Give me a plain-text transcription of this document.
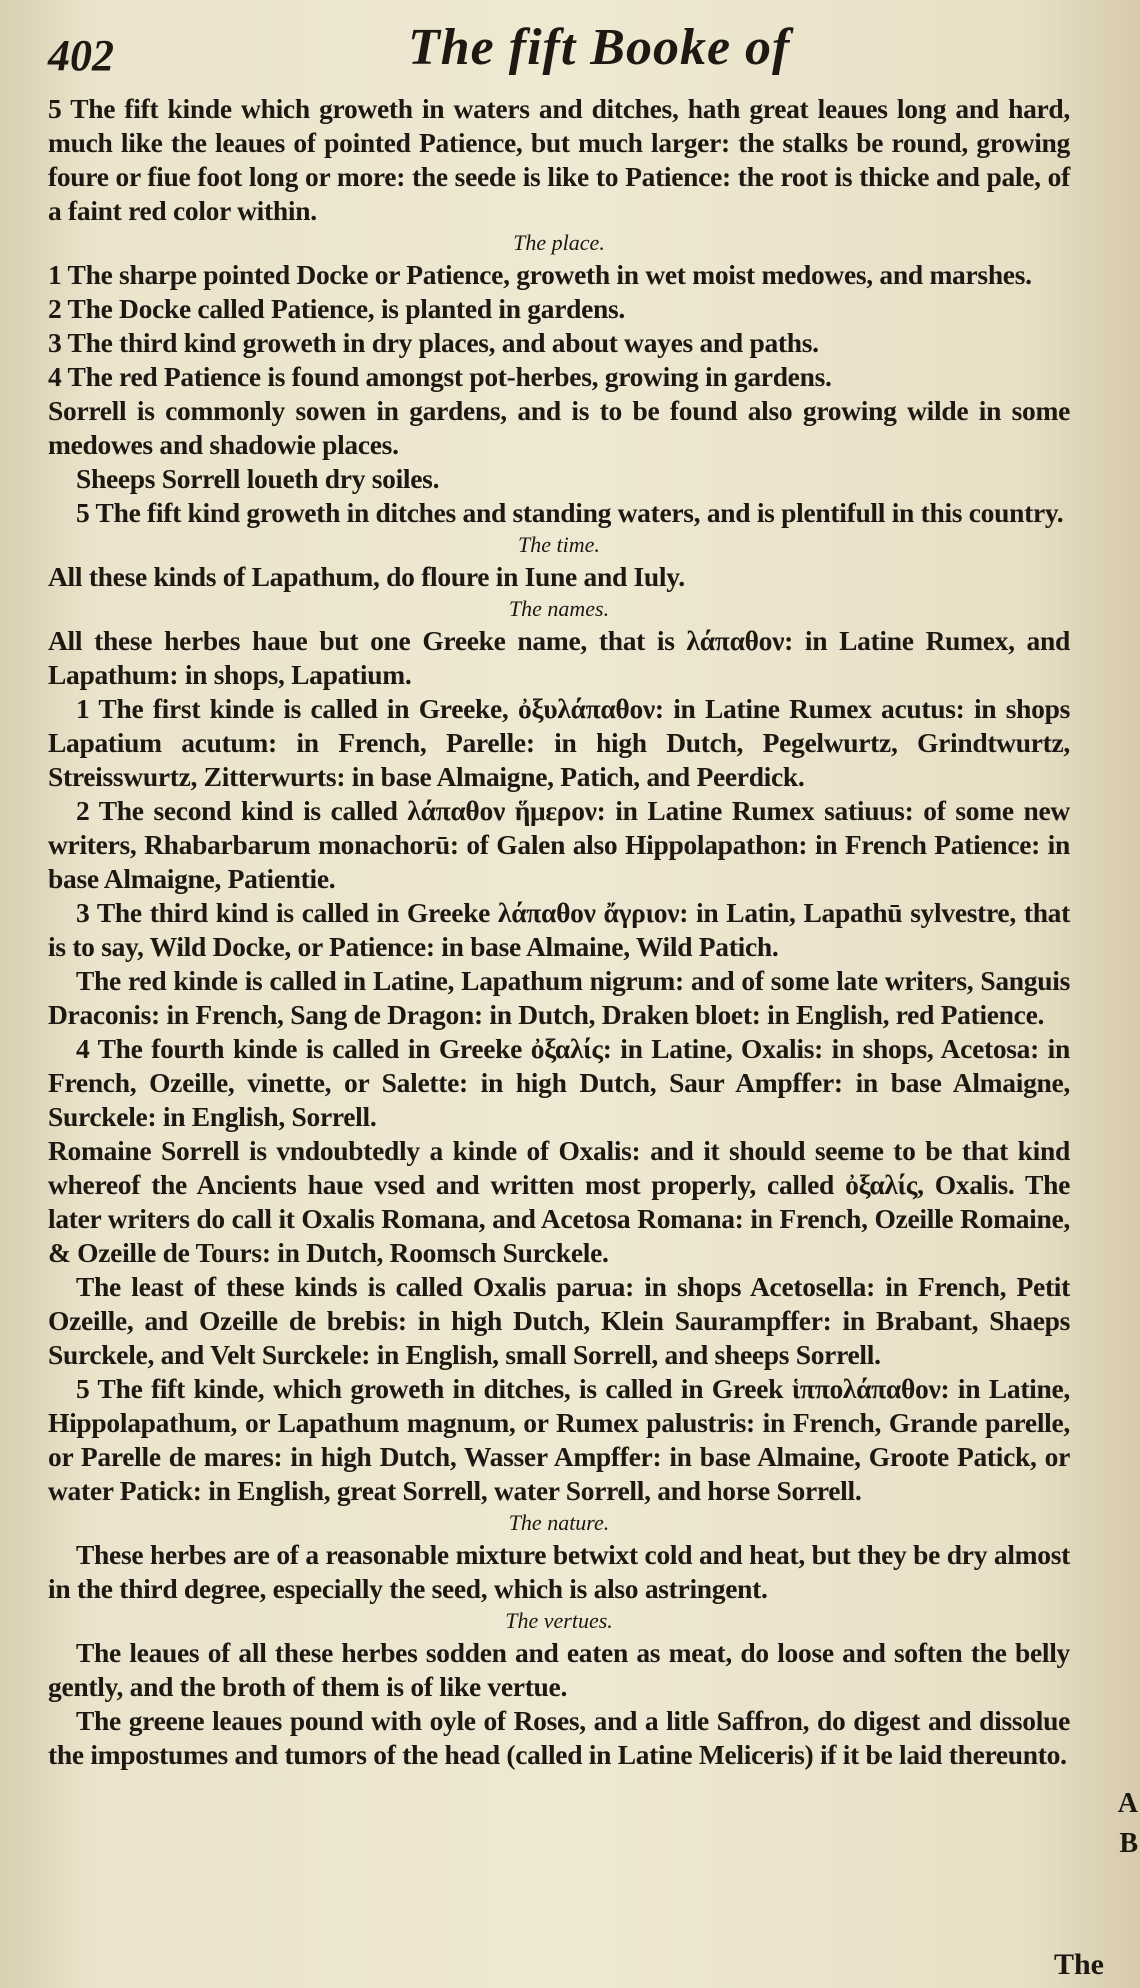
402	The fift Booke of

5 The fift kinde which groweth in waters and ditches, hath great leaues long and hard, much like the leaues of pointed Patience, but much larger: the stalks be round, growing foure or fiue foot long or more: the seede is like to Patience: the root is thicke and pale, of a faint red color within.

The place.

1 The sharpe pointed Docke or Patience, groweth in wet moist medowes, and marshes.

2 The Docke called Patience, is planted in gardens.

3 The third kind groweth in dry places, and about wayes and paths.

4 The red Patience is found amongst pot-herbes, growing in gardens.

Sorrell is commonly sowen in gardens, and is to be found also growing wilde in some medowes and shadowie places.

Sheeps Sorrell loueth dry soiles.

5 The fift kind groweth in ditches and standing waters, and is plentifull in this country.

The time.

All these kinds of Lapathum, do floure in Iune and Iuly.

The names.

All these herbes haue but one Greeke name, that is λάπαθον: in Latine Rumex, and Lapathum: in shops, Lapatium.

1 The first kinde is called in Greeke, ὀξυλάπαθον: in Latine Rumex acutus: in shops Lapatium acutum: in French, Parelle: in high Dutch, Pegelwurtz, Grindtwurtz, Streisswurtz, Zitterwurts: in base Almaigne, Patich, and Peerdick.

2 The second kind is called λάπαθον ἥμερον: in Latine Rumex satiuus: of some new writers, Rhabarbarum monachorū: of Galen also Hippolapathon: in French Patience: in base Almaigne, Patientie.

3 The third kind is called in Greeke λάπαθον ἄγριον: in Latin, Lapathū sylvestre, that is to say, Wild Docke, or Patience: in base Almaine, Wild Patich.

The red kinde is called in Latine, Lapathum nigrum: and of some late writers, Sanguis Draconis: in French, Sang de Dragon: in Dutch, Draken bloet: in English, red Patience.

4 The fourth kinde is called in Greeke ὀξαλίς: in Latine, Oxalis: in shops, Acetosa: in French, Ozeille, vinette, or Salette: in high Dutch, Saur Ampffer: in base Almaigne, Surckele: in English, Sorrell.

Romaine Sorrell is vndoubtedly a kinde of Oxalis: and it should seeme to be that kind whereof the Ancients haue vsed and written most properly, called ὀξαλίς, Oxalis. The later writers do call it Oxalis Romana, and Acetosa Romana: in French, Ozeille Romaine, & Ozeille de Tours: in Dutch, Roomsch Surckele.

The least of these kinds is called Oxalis parua: in shops Acetosella: in French, Petit Ozeille, and Ozeille de brebis: in high Dutch, Klein Saurampffer: in Brabant, Shaeps Surckele, and Velt Surckele: in English, small Sorrell, and sheeps Sorrell.

5 The fift kinde, which groweth in ditches, is called in Greek ἱππολάπαθον: in Latine, Hippolapathum, or Lapathum magnum, or Rumex palustris: in French, Grande parelle, or Parelle de mares: in high Dutch, Wasser Ampffer: in base Almaine, Groote Patick, or water Patick: in English, great Sorrell, water Sorrell, and horse Sorrell.

The nature.

These herbes are of a reasonable mixture betwixt cold and heat, but they be dry almost in the third degree, especially the seed, which is also astringent.

The vertues.

The leaues of all these herbes sodden and eaten as meat, do loose and soften the belly gently, and the broth of them is of like vertue.

The greene leaues pound with oyle of Roses, and a litle Saffron, do digest and dissolue the impostumes and tumors of the head (called in Latine Meliceris) if it be laid thereunto.

A
B
The
